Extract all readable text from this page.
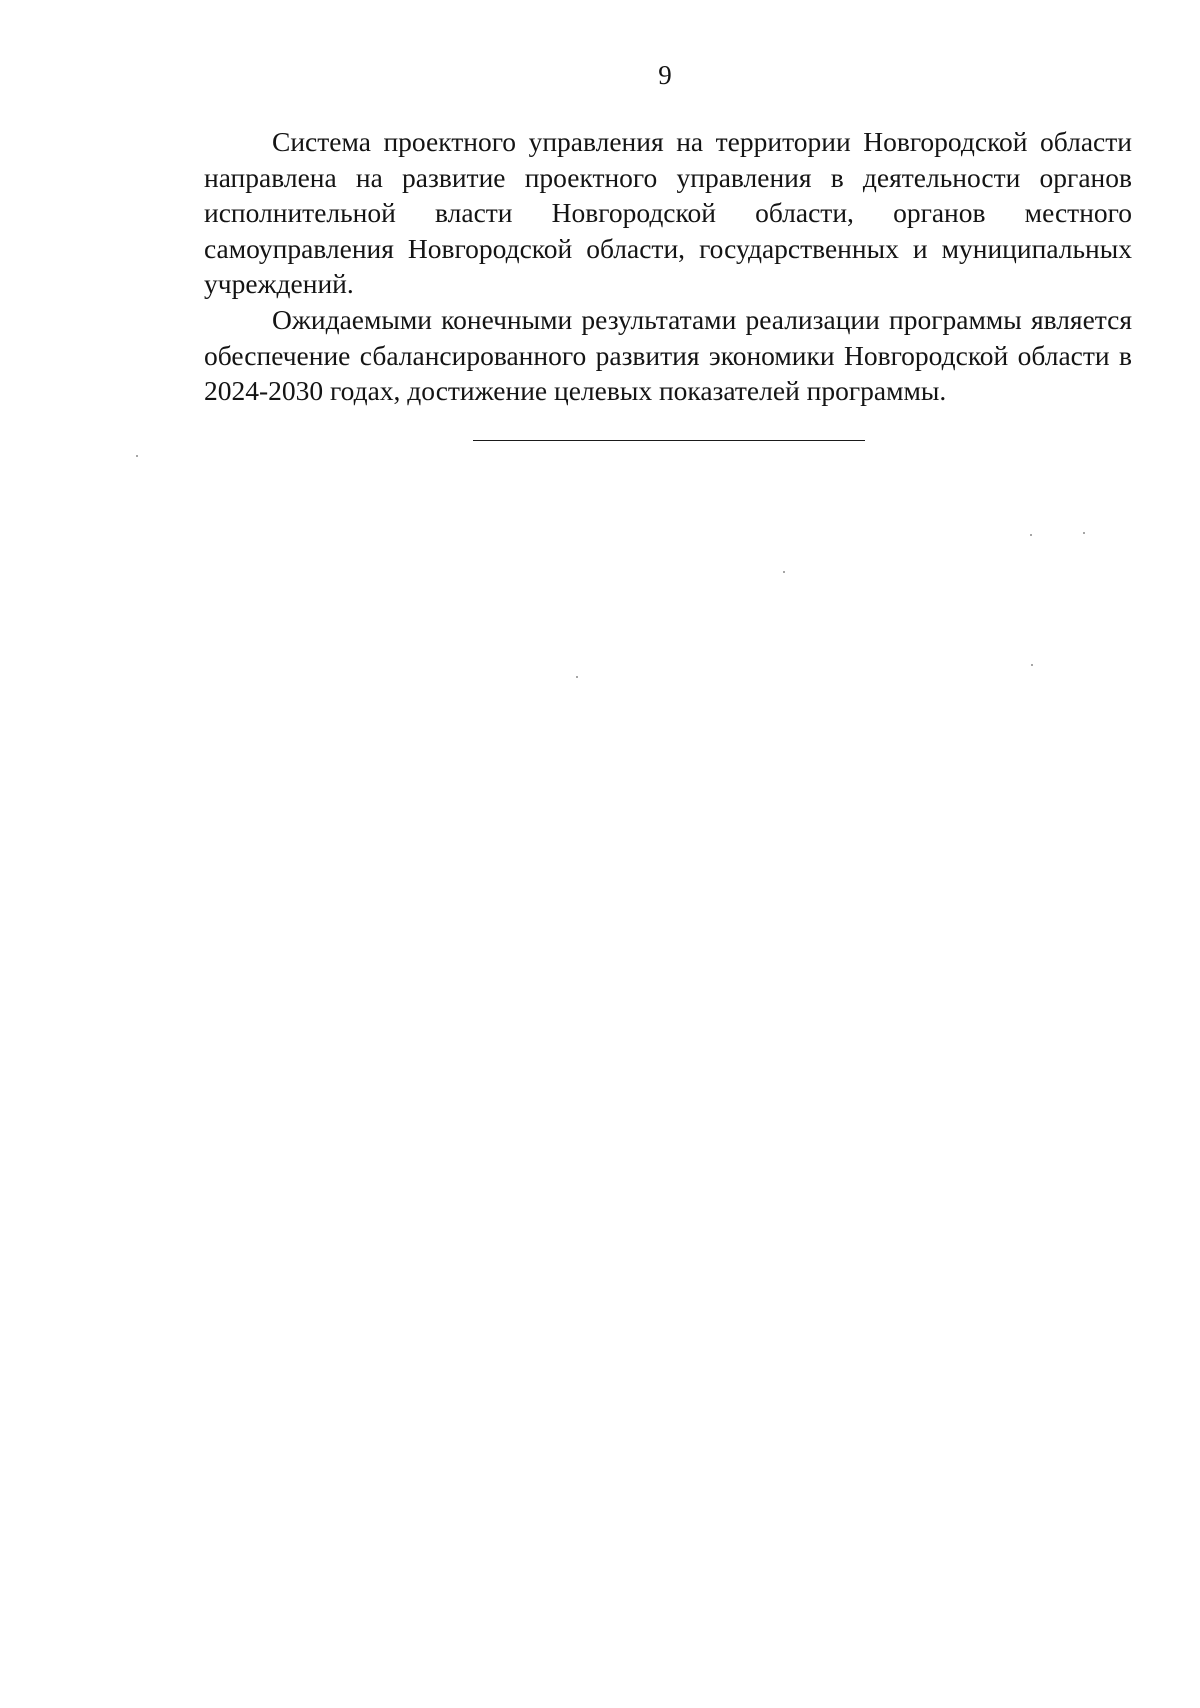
9

Система проектного управления на территории Новгородской области направлена на развитие проектного управления в деятельности органов исполнительной власти Новгородской области, органов местного самоуправления Новгородской области, государственных и муниципальных учреждений.

Ожидаемыми конечными результатами реализации программы является обеспечение сбалансированного развития экономики Новгородской области в 2024-2030 годах, достижение целевых показателей программы.
